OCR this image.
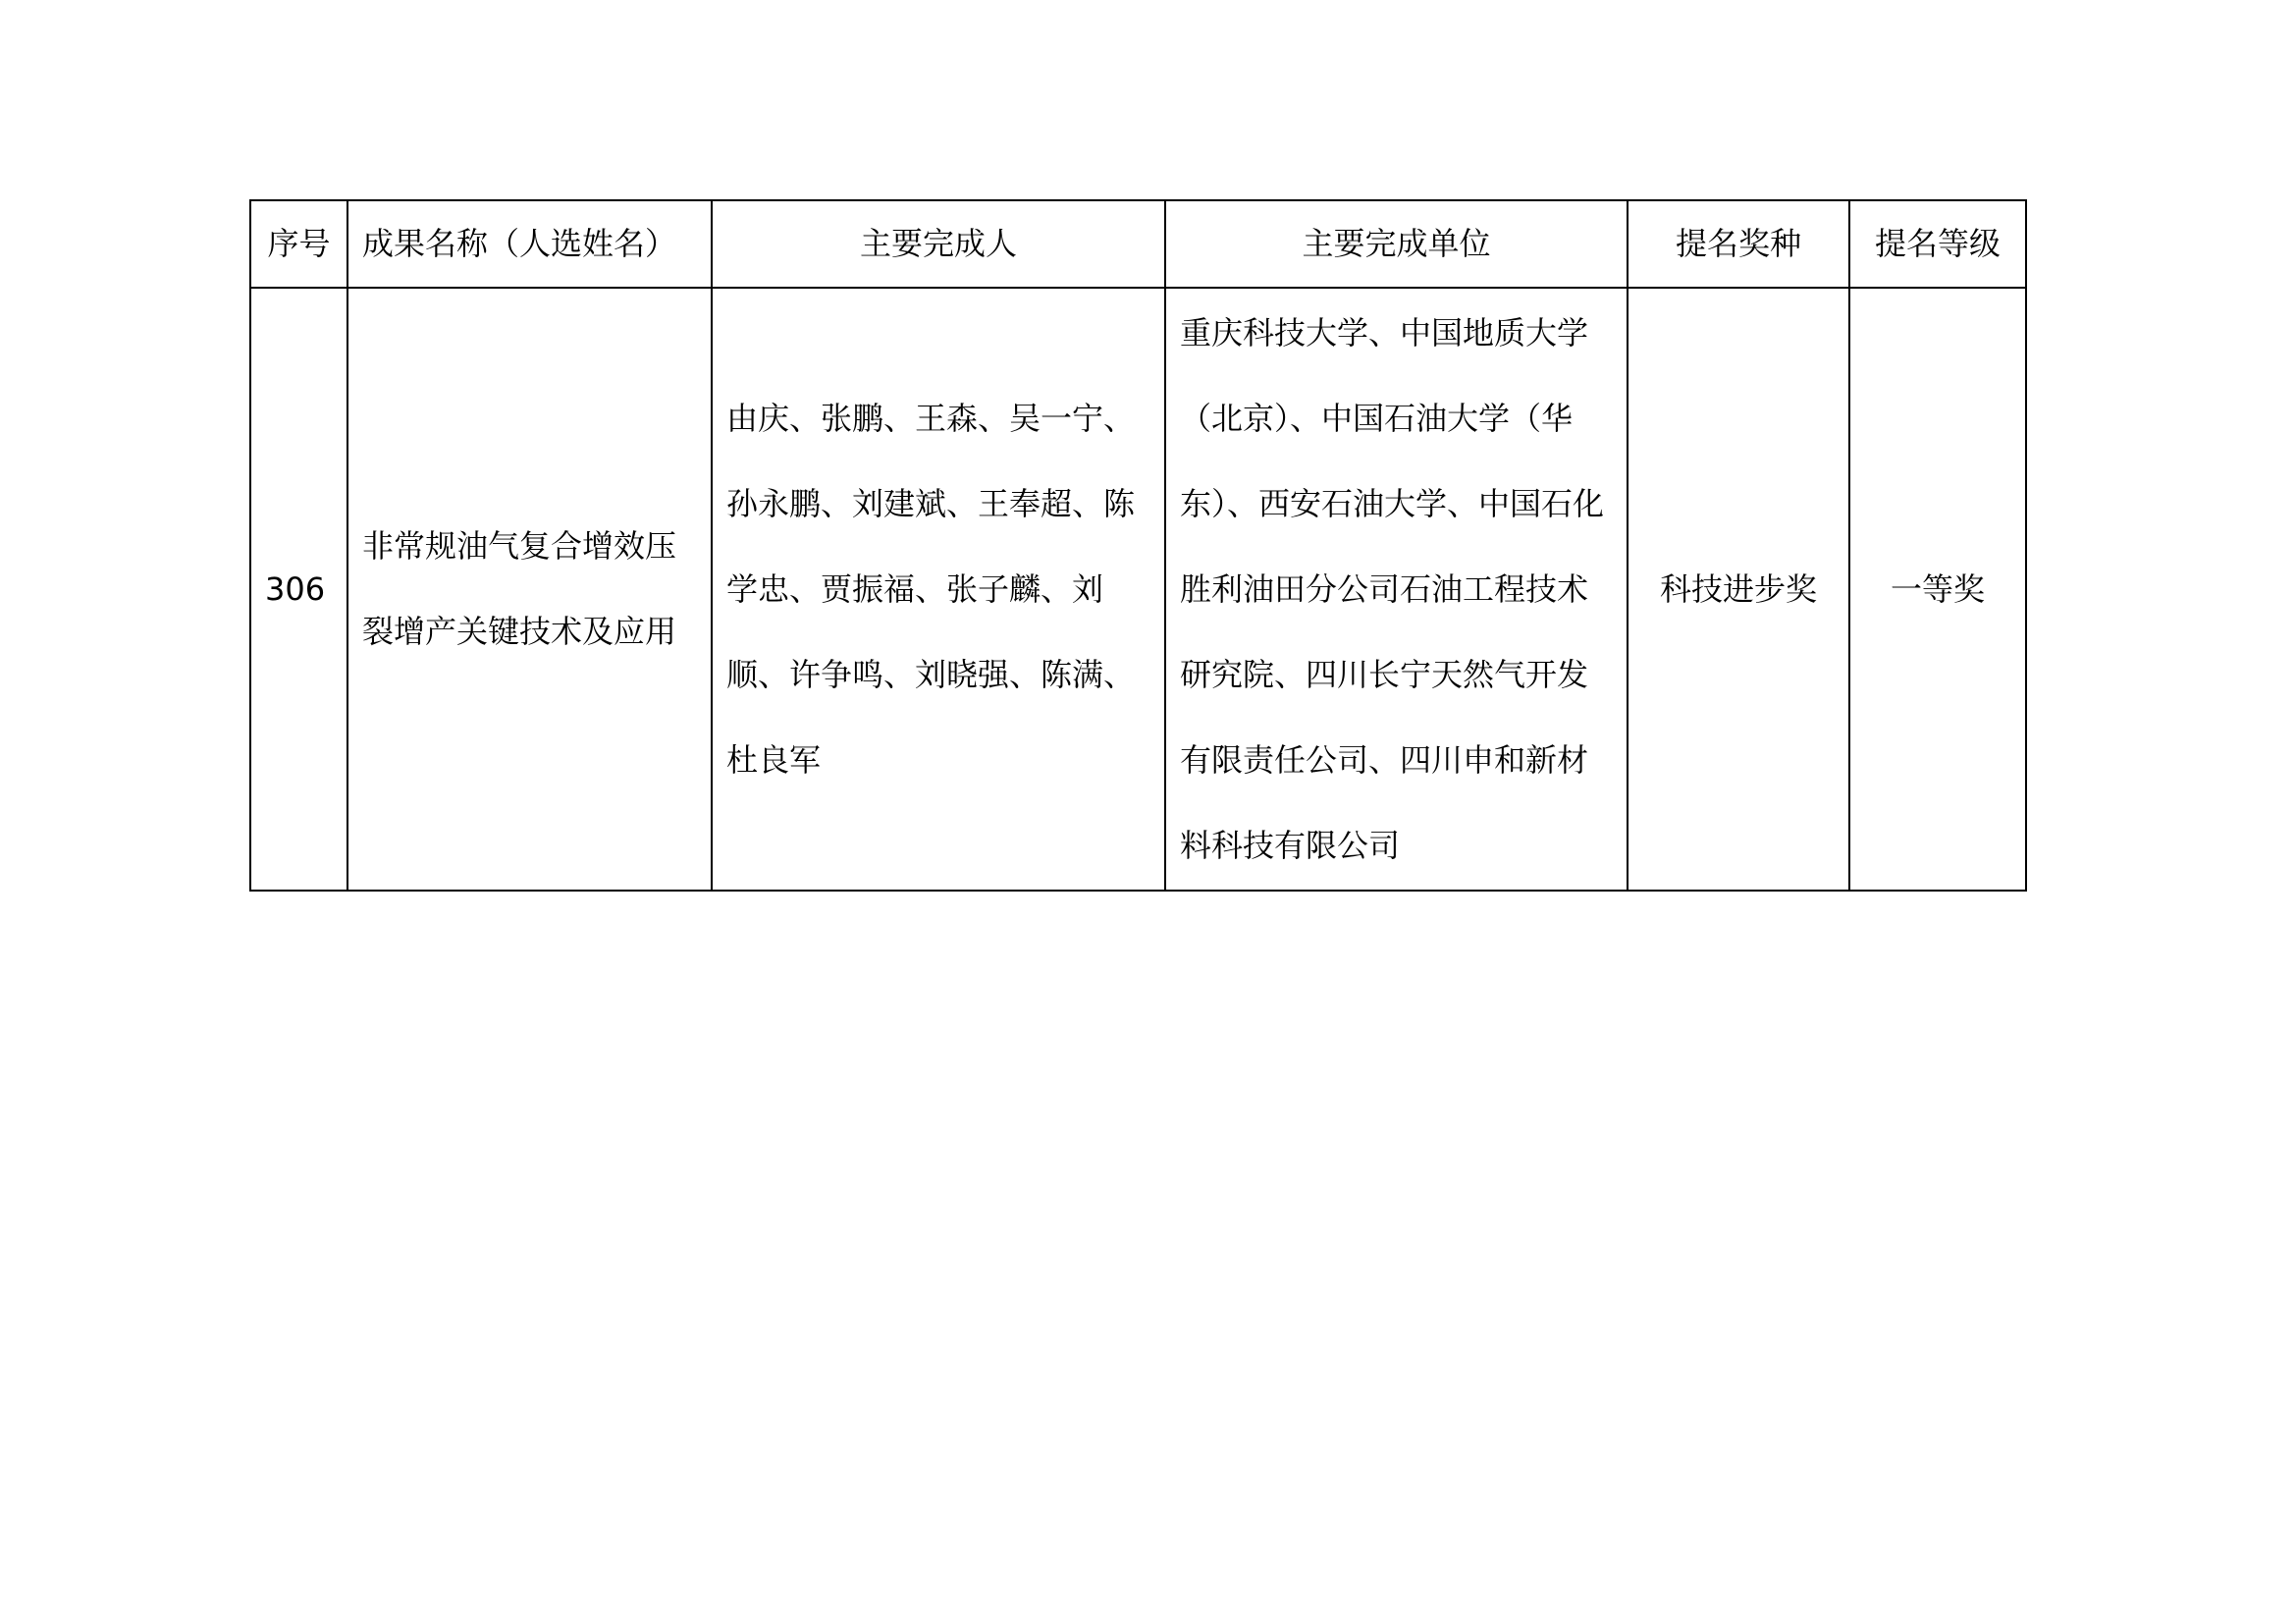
序号	成果名称（人选姓名）	主要完成人	主要完成单位	提名奖种	提名等级
306	非常规油气复合增效压裂增产关键技术及应用	由庆、张鹏、王森、吴一宁、孙永鹏、刘建斌、王奉超、陈学忠、贾振福、张子麟、刘顺、许争鸣、刘晓强、陈满、杜良军	重庆科技大学、中国地质大学（北京）、中国石油大学（华东）、西安石油大学、中国石化胜利油田分公司石油工程技术研究院、四川长宁天然气开发有限责任公司、四川申和新材料科技有限公司	科技进步奖	一等奖
